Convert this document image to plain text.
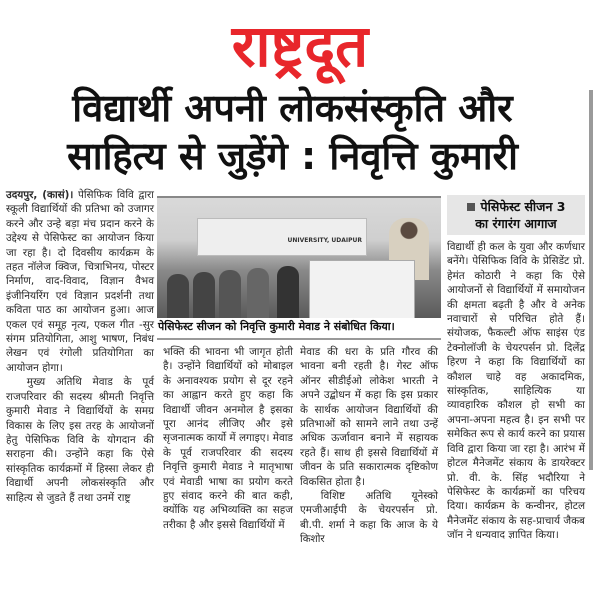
राष्ट्रदूत
विद्यार्थी अपनी लोकसंस्कृति और
साहित्य से जुड़ेंगे : निवृत्ति कुमारी

उदयपुर, (कासं)। पेसिफिक विवि द्वारा स्कूली विद्यार्थियों की प्रतिभा को उजागर करने और उन्हे बड़ा मंच प्रदान करने के उद्देश्य से पेसिफेस्ट का आयोजन किया जा रहा है। दो दिवसीय कार्यक्रम के तहत नॉलेज क्विज, चित्राभिनय, पोस्टर निर्माण, वाद-विवाद, विज्ञान वैभव इंजीनियरिंग एवं विज्ञान प्रदर्शनी तथा कविता पाठ का आयोजन हुआ। आज एकल एवं समूह नृत्य, एकल गीत -सुर संगम प्रतियोगिता, आशु भाषण, निबंध लेखन एवं रंगोली प्रतियोगिता का आयोजन होगा।

मुख्य अतिथि मेवाड के पूर्व राजपरिवार की सदस्य श्रीमती निवृत्ति कुमारी मेवाड ने विद्यार्थियों के समग्र विकास के लिए इस तरह के आयोजनों हेतु पेसिफिक विवि के योगदान की सराहना की। उन्होंने कहा कि ऐसे सांस्कृतिक कार्यक्रमों में हिस्सा लेकर ही विद्यार्थी अपनी लोकसंस्कृति और साहित्य से जुडते हैं तथा उनमें राष्ट्र

UNIVERSITY, UDAIPUR
पेसिफेस्ट सीजन को निवृत्ति कुमारी मेवाड ने संबोधित किया।

भक्ति की भावना भी जागृत होती है। उन्होंने विद्यार्थियों को मोबाइल के अनावश्यक प्रयोग से दूर रहने का आह्वान करते हुए कहा कि विद्यार्थी जीवन अनमोल है इसका पूरा आनंद लीजिए और इसे सृजनात्मक कार्यो में लगाइए। मेवाड के पूर्व राजपरिवार की सदस्य निवृत्ति कुमारी मेवाड ने मातृभाषा एवं मेवाडी भाषा का प्रयोग करते हुए संवाद करने की बात कही, क्योंकि यह अभिव्यक्ति का सहज तरीका है और इससे विद्यार्थियों में

मेवाड की धरा के प्रति गौरव की भावना बनी रहती है। गेस्ट ऑफ ऑनर सीडीईओ लोकेश भारती ने अपने उद्बोधन में कहा कि इस प्रकार के सार्थक आयोजन विद्यार्थियों की प्रतिभाओं को सामने लाने तथा उन्हें अधिक ऊर्जावान बनाने में सहायक रहते हैं। साथ ही इससे विद्यार्थियों में जीवन के प्रति सकारात्मक दृष्टिकोण विकसित होता है।

विशिष्ट अतिथि यूनेस्को एमजीआईपी के चेयरपर्सन प्रो. बी.पी. शर्मा ने कहा कि आज के ये किशोर

पेसिफेस्ट सीजन 3
का रंगारंग आगाज

विद्यार्थी ही कल के युवा और कर्णधार बनेंगे। पेसिफिक विवि के प्रेसिडेंट प्रो. हेमंत कोठारी ने कहा कि ऐसे आयोजनों से विद्यार्थियों में समायोजन की क्षमता बढ़ती है और वे अनेक नवाचारों से परिचित होते हैं। संयोजक, फैकल्टी ऑफ साइंस एंड टेक्नोलॉजी के चेयरपर्सन प्रो. दिलेंद्र हिरण ने कहा कि विद्यार्थियों का कौशल चाहे वह अकादमिक, सांस्कृतिक, साहित्यिक या व्यावहारिक कौशल हो सभी का अपना-अपना महत्व है। इन सभी पर समेकित रूप से कार्य करने का प्रयास विवि द्वारा किया जा रहा है। आरंभ में होटल मैनेजमेंट संकाय के डायरेक्टर प्रो. वी. के. सिंह भदौरिया ने पेसिफेस्ट के कार्यक्रमों का परिचय दिया। कार्यक्रम के कन्वीनर, होटल मैनेजमेंट संकाय के सह-प्राचार्य जैकब जॉन ने धन्यवाद ज्ञापित किया।
